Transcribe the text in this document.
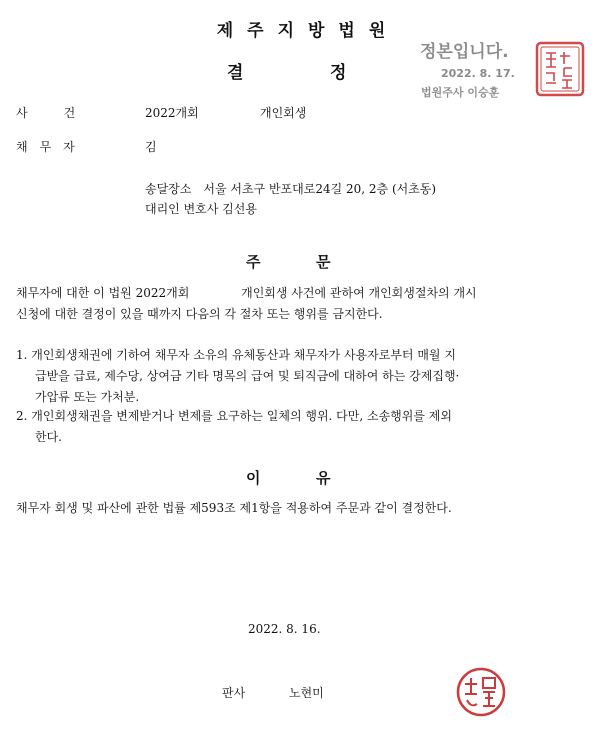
제주지방법원
결	정
정본입니다.
2022. 8. 17.
법원주사 이승훈
사   건	2022개회	개인회생
채  무  자	김
송달장소  서울 서초구 반포대로24길 20, 2층 (서초동)
대리인 변호사 김선용
주	문
채무자에 대한 이 법원 2022개회     개인회생 사건에 관하여 개인회생절차의 개시
신청에 대한 결정이 있을 때까지 다음의 각 절차 또는 행위를 금지한다.
1. 개인회생채권에 기하여 채무자 소유의 유체동산과 채무자가 사용자로부터 매월 지
급받을 급료, 제수당, 상여금 기타 명목의 급여 및 퇴직금에 대하여 하는 강제집행·
가압류 또는 가처분.
2. 개인회생채권을 변제받거나 변제를 요구하는 일체의 행위. 다만, 소송행위를 제외
한다.
이	유
채무자 회생 및 파산에 관한 법률 제593조 제1항을 적용하여 주문과 같이 결정한다.
2022. 8. 16.
판사	노현미
